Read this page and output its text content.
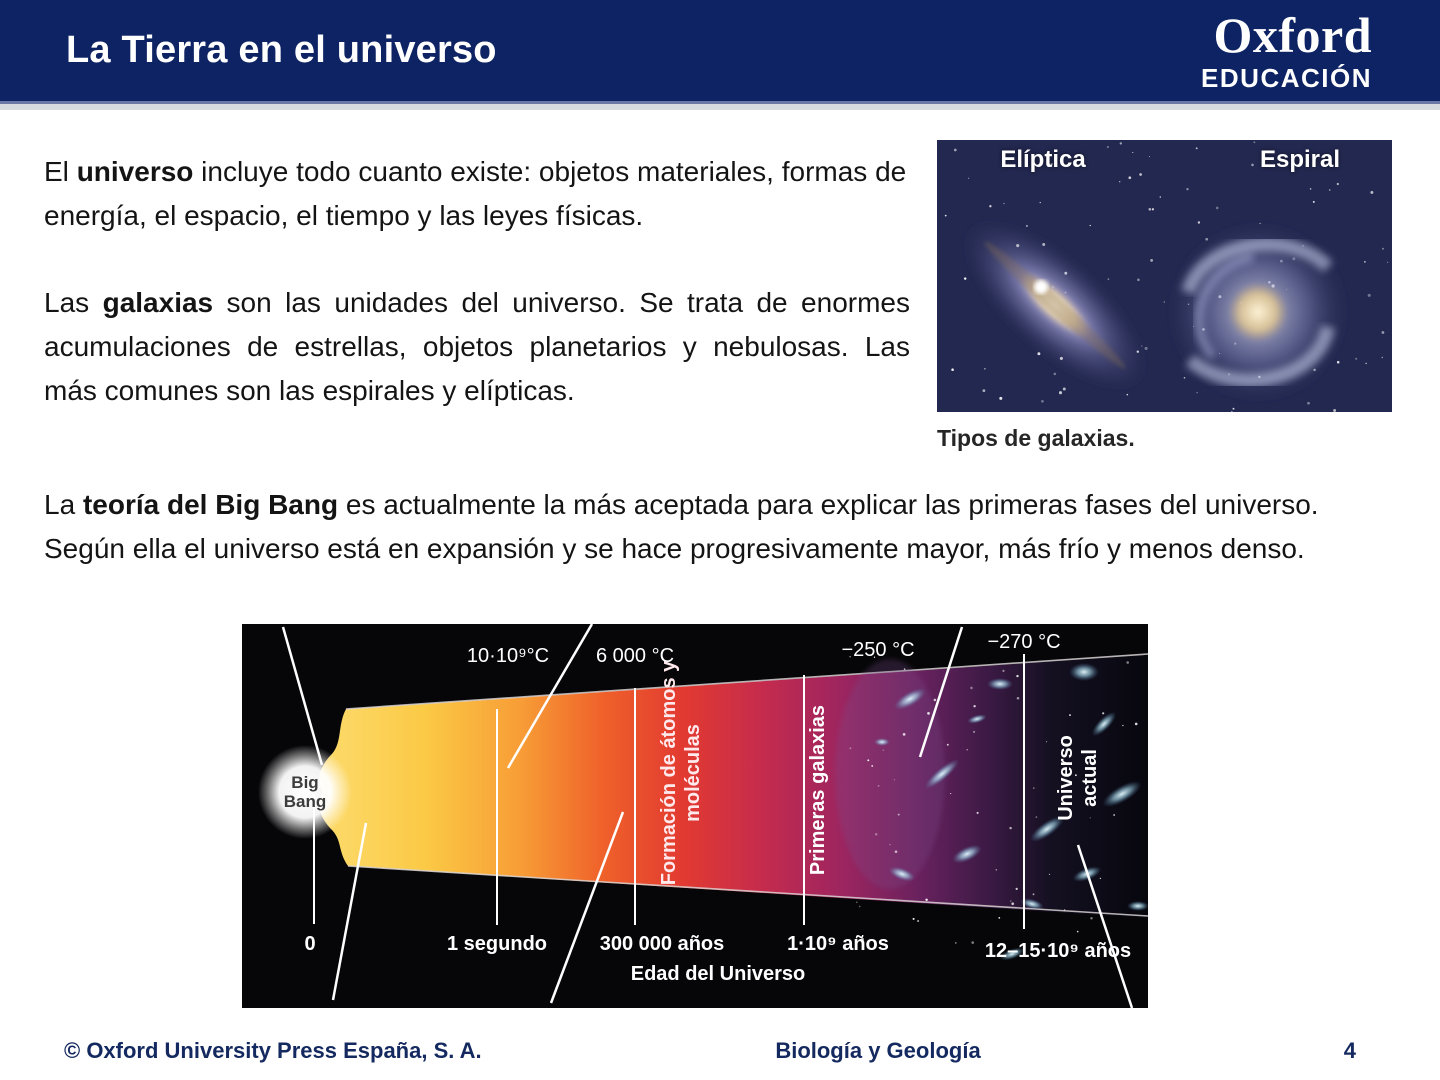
La Tierra en el universo	Oxford
EDUCACIÓN

El universo incluye todo cuanto existe: objetos materiales, formas de energía, el espacio, el tiempo y las leyes físicas.

Las galaxias son las unidades del universo. Se trata de enormes acumulaciones de estrellas, objetos planetarios y nebulosas. Las más comunes son las espirales y elípticas.

La teoría del Big Bang es actualmente la más aceptada para explicar las primeras fases del universo. Según ella el universo está en expansión y se hace progresivamente mayor, más frío y menos denso.

Elíptica	Espiral
Tipos de galaxias.
10·10⁹°C 6 000 °C	−250 °C	−270 °C
Big Bang	Formación de átomos y moléculas	Primeras galaxias	Universo actual
0	1 segundo	300 000 años	1·10⁹ años	12–15·10⁹ años
Edad del Universo
© Oxford University Press España, S. A.	Biología y Geología	4
